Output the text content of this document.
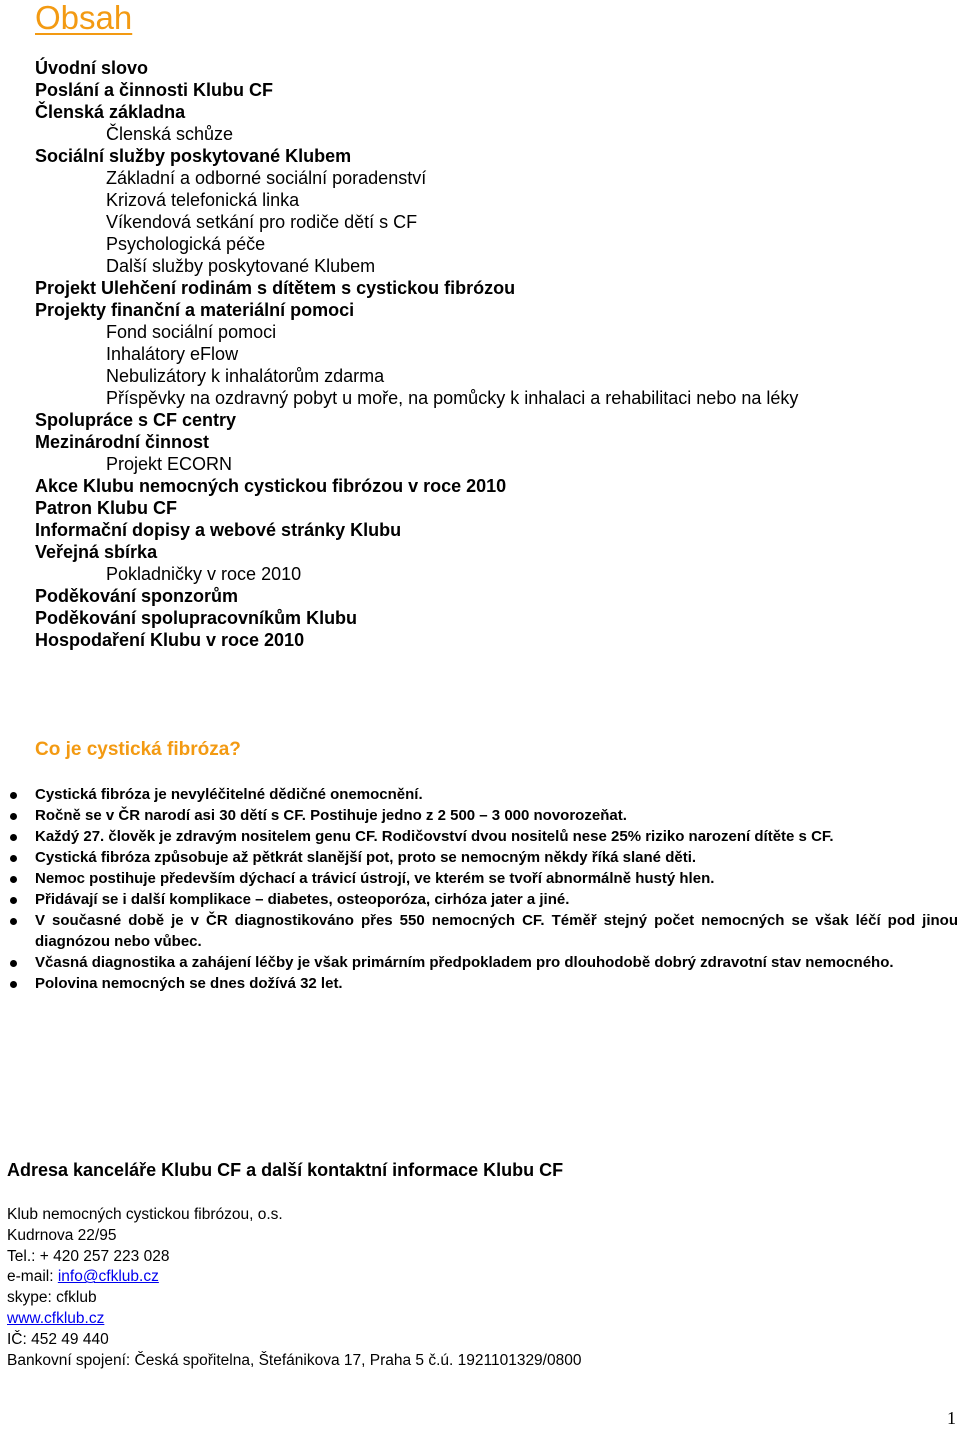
Obsah
Úvodní slovo
Poslání a činnosti Klubu CF
Členská základna
Členská schůze
Sociální služby poskytované Klubem
Základní a odborné sociální poradenství
Krizová telefonická linka
Víkendová setkání pro rodiče dětí s CF
Psychologická péče
Další služby poskytované Klubem
Projekt Ulehčení rodinám s dítětem s cystickou fibrózou
Projekty finanční a materiální pomoci
Fond sociální pomoci
Inhalátory eFlow
Nebulizátory k inhalátorům zdarma
Příspěvky na ozdravný pobyt u moře, na pomůcky k inhalaci a rehabilitaci nebo na léky
Spolupráce s CF centry
Mezinárodní činnost
Projekt ECORN
Akce Klubu nemocných cystickou fibrózou v roce 2010
Patron Klubu CF
Informační dopisy a webové stránky Klubu
Veřejná sbírka
Pokladničky v roce 2010
Poděkování sponzorům
Poděkování spolupracovníkům Klubu
Hospodaření Klubu v roce 2010
Co je cystická fibróza?
Cystická fibróza je nevyléčitelné dědičné onemocnění.
Ročně se v ČR narodí asi 30 dětí s CF. Postihuje jedno z 2 500 – 3 000 novorozeňat.
Každý 27. člověk je zdravým nositelem genu CF. Rodičovství dvou nositelů nese 25% riziko narození dítěte s CF.
Cystická fibróza způsobuje až pětkrát slanější pot, proto se nemocným někdy říká slané děti.
Nemoc postihuje především dýchací a trávicí ústrojí, ve kterém se tvoří abnormálně hustý hlen.
Přidávají se i další komplikace – diabetes, osteoporóza, cirhóza jater a jiné.
V současné době je v ČR diagnostikováno přes 550 nemocných CF. Téměř stejný počet nemocných se však léčí pod jinou diagnózou nebo vůbec.
Včasná diagnostika a zahájení léčby je však primárním předpokladem pro dlouhodobě dobrý zdravotní stav nemocného.
Polovina nemocných se dnes dožívá 32 let.
Adresa kanceláře Klubu CF a další kontaktní informace Klubu CF
Klub nemocných cystickou fibrózou, o.s.
Kudrnova 22/95
Tel.: + 420 257 223 028
e-mail: info@cfklub.cz
skype: cfklub
www.cfklub.cz
IČ: 452 49 440
Bankovní spojení: Česká spořitelna, Štefánikova 17, Praha 5 č.ú. 1921101329/0800
1
